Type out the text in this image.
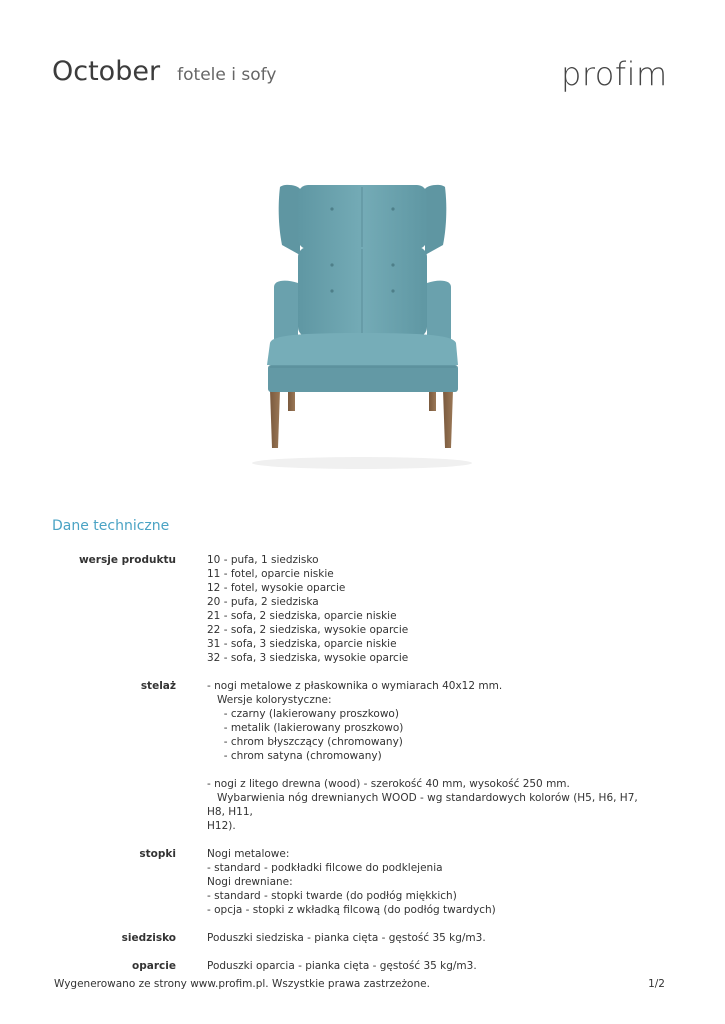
October fotele i sofy	profim
Dane techniczne
wersje produktu	10 - pufa, 1 siedzisko
11 - fotel, oparcie niskie
12 - fotel, wysokie oparcie
20 - pufa, 2 siedziska
21 - sofa, 2 siedziska, oparcie niskie
22 - sofa, 2 siedziska, wysokie oparcie
31 - sofa, 3 siedziska, oparcie niskie
32 - sofa, 3 siedziska, wysokie oparcie
stelaż	- nogi metalowe z płaskownika o wymiarach 40x12 mm.
Wersje kolorystyczne:
- czarny (lakierowany proszkowo)
- metalik (lakierowany proszkowo)
- chrom błyszczący (chromowany)
- chrom satyna (chromowany)
- nogi z litego drewna (wood) - szerokość 40 mm, wysokość 250 mm.
Wybarwienia nóg drewnianych WOOD - wg standardowych kolorów (H5, H6, H7, H8, H11,
H12).
stopki	Nogi metalowe:
- standard - podkładki filcowe do podklejenia
Nogi drewniane:
- standard - stopki twarde (do podłóg miękkich)
- opcja - stopki z wkładką filcową (do podłóg twardych)
siedzisko	Poduszki siedziska - pianka cięta - gęstość 35 kg/m3.
oparcie	Poduszki oparcia - pianka cięta - gęstość 35 kg/m3.
Wygenerowano ze strony www.profim.pl. Wszystkie prawa zastrzeżone.	1/2
